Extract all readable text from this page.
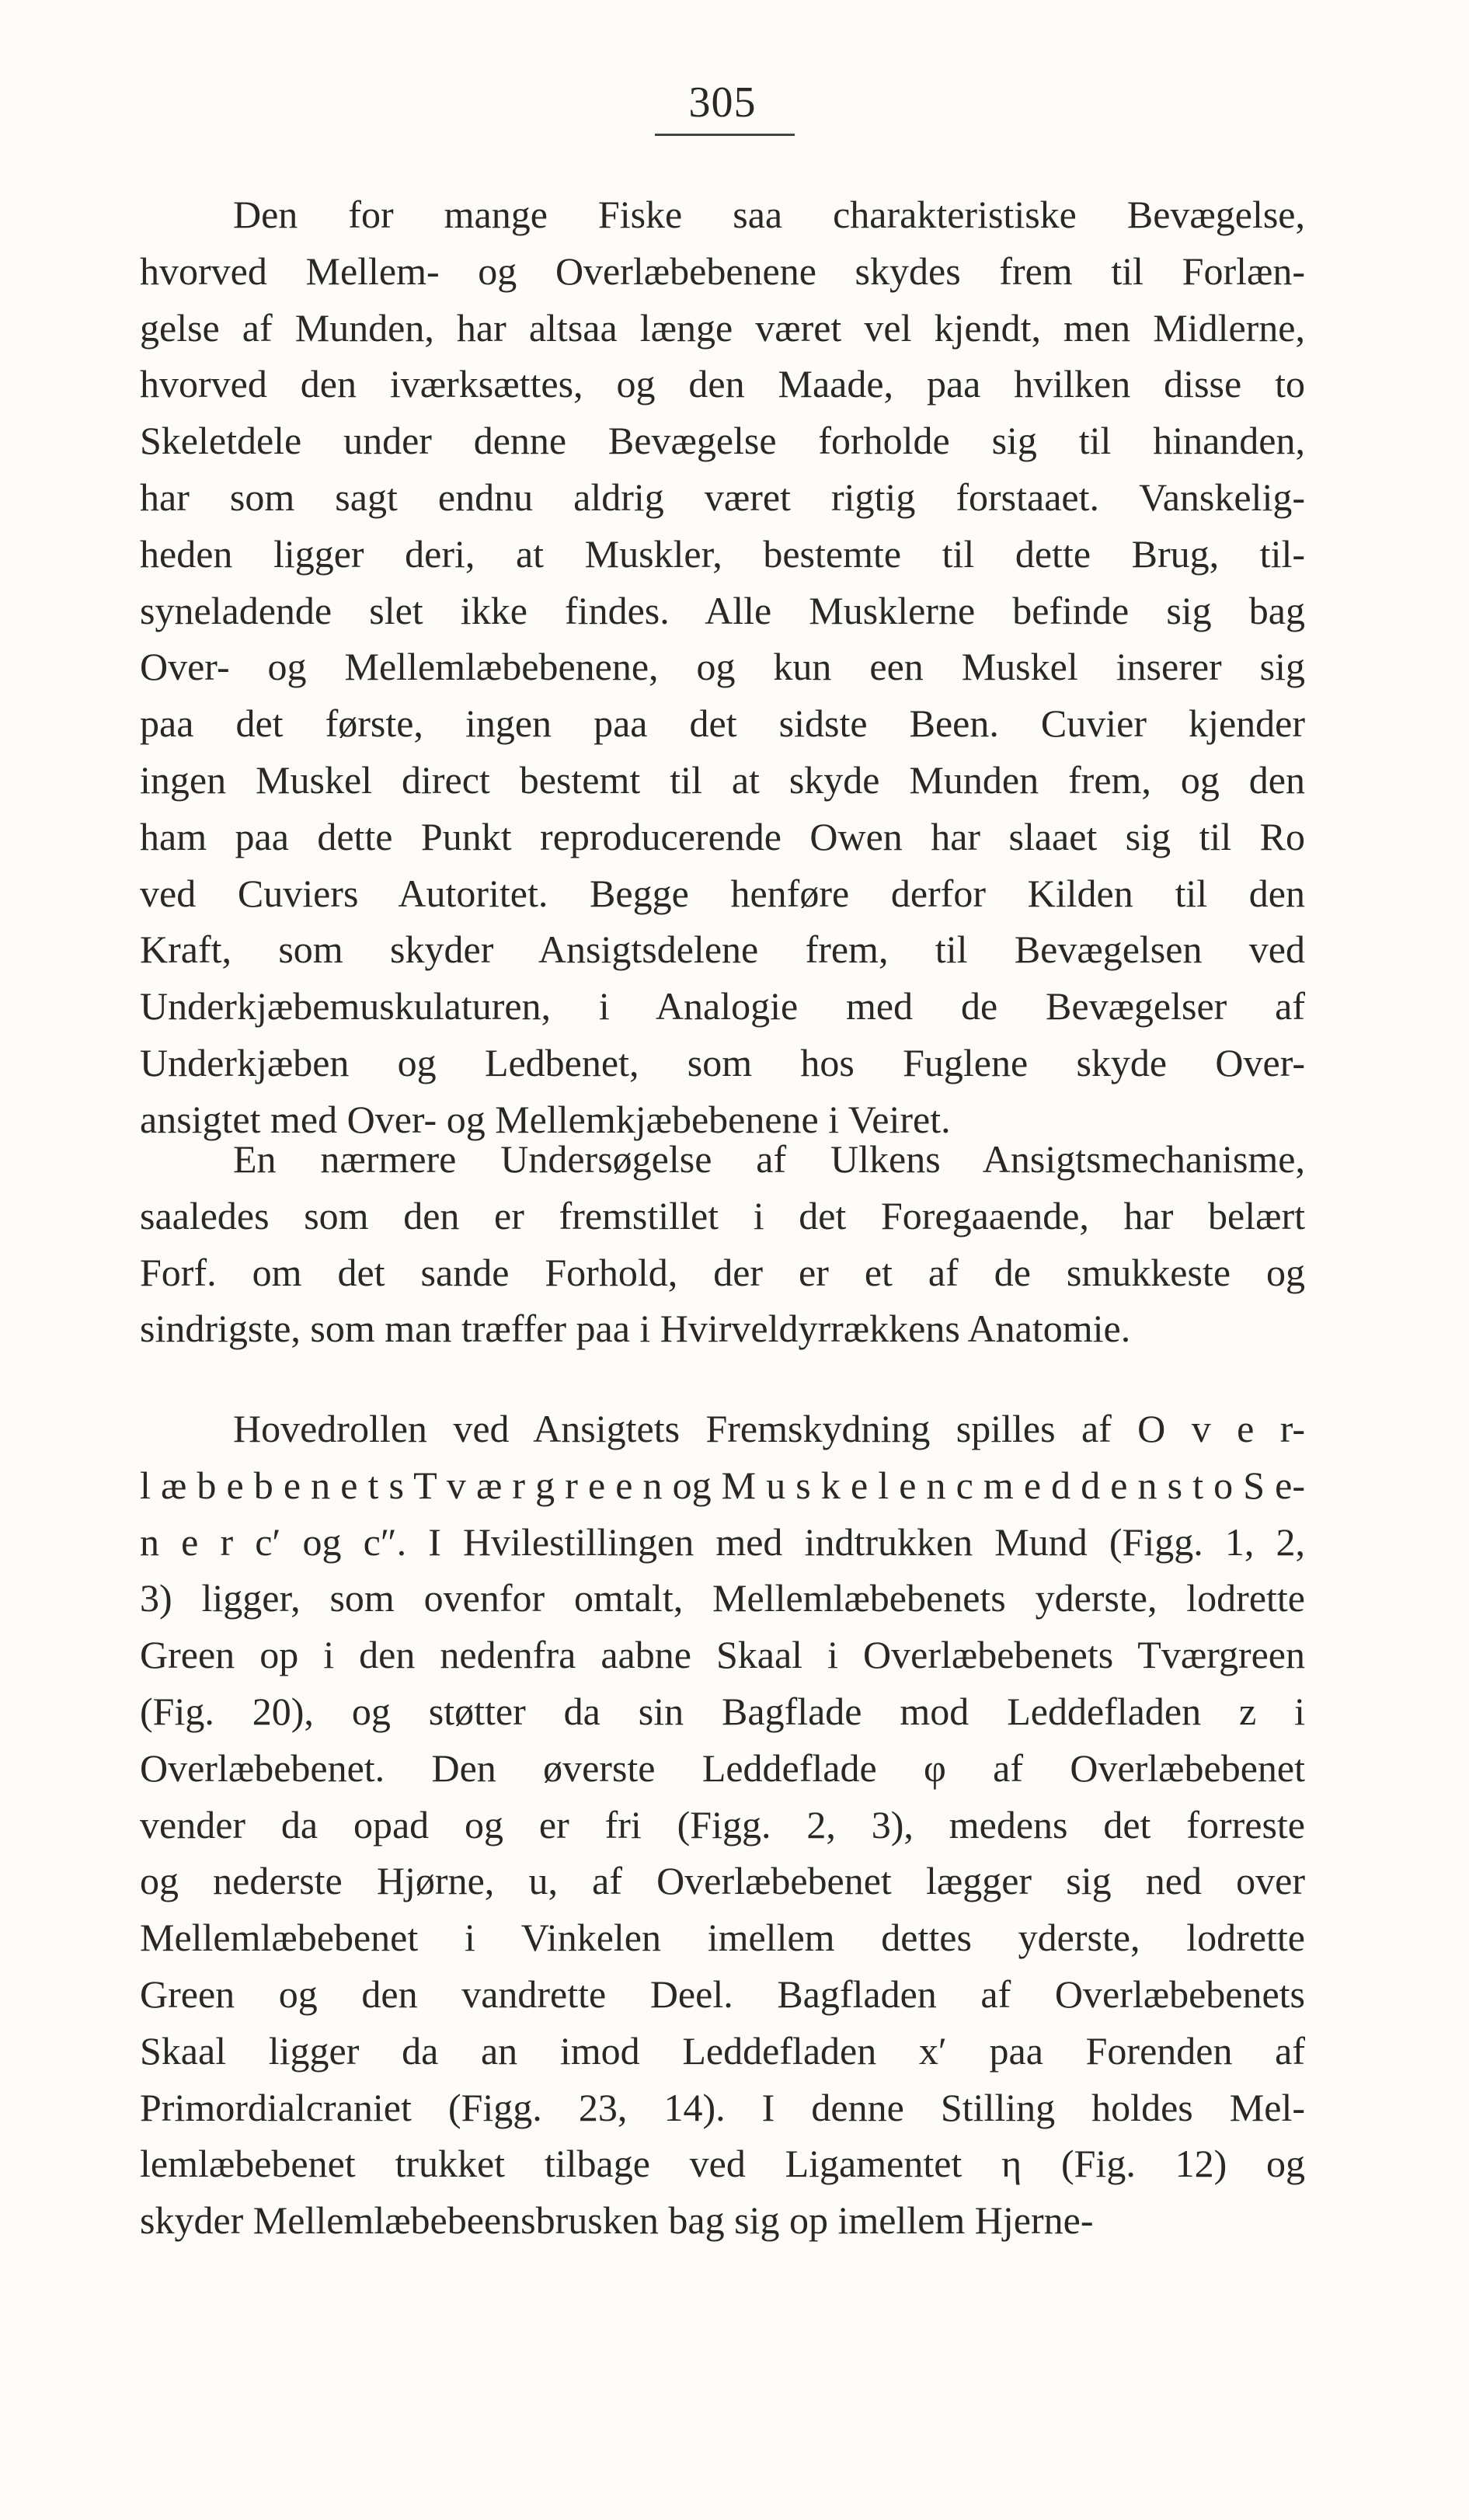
305
Den for mange Fiske saa charakteristiske Bevægelse,
hvorved Mellem- og Overlæbebenene skydes frem til Forlæn-
gelse af Munden, har altsaa længe været vel kjendt, men Midlerne,
hvorved den iværksættes, og den Maade, paa hvilken disse to
Skeletdele under denne Bevægelse forholde sig til hinanden,
har som sagt endnu aldrig været rigtig forstaaet. Vanskelig-
heden ligger deri, at Muskler, bestemte til dette Brug, til-
syneladende slet ikke findes. Alle Musklerne befinde sig bag
Over- og Mellemlæbebenene, og kun een Muskel inserer sig
paa det første, ingen paa det sidste Been. Cuvier kjender
ingen Muskel direct bestemt til at skyde Munden frem, og den
ham paa dette Punkt reproducerende Owen har slaaet sig til Ro
ved Cuviers Autoritet. Begge henføre derfor Kilden til den
Kraft, som skyder Ansigtsdelene frem, til Bevægelsen ved
Underkjæbemuskulaturen, i Analogie med de Bevægelser af
Underkjæben og Ledbenet, som hos Fuglene skyde Over-
ansigtet med Over- og Mellemkjæbebenene i Veiret.
En nærmere Undersøgelse af Ulkens Ansigtsmechanisme,
saaledes som den er fremstillet i det Foregaaende, har belært
Forf. om det sande Forhold, der er et af de smukkeste og
sindrigste, som man træffer paa i Hvirveldyrrækkens Anatomie.
Hovedrollen ved Ansigtets Fremskydning spilles af O v e r-
l æ b e b e n e t s T v æ r g r e e n og M u s k e l e n c m e d d e n s t o S e-
n e r c′ og c″. I Hvilestillingen med indtrukken Mund (Figg. 1, 2,
3) ligger, som ovenfor omtalt, Mellemlæbebenets yderste, lodrette
Green op i den nedenfra aabne Skaal i Overlæbebenets Tværgreen
(Fig. 20), og støtter da sin Bagflade mod Leddefladen z i
Overlæbebenet. Den øverste Leddeflade φ af Overlæbebenet
vender da opad og er fri (Figg. 2, 3), medens det forreste
og nederste Hjørne, u, af Overlæbebenet lægger sig ned over
Mellemlæbebenet i Vinkelen imellem dettes yderste, lodrette
Green og den vandrette Deel. Bagfladen af Overlæbebenets
Skaal ligger da an imod Leddefladen x′ paa Forenden af
Primordialcraniet (Figg. 23, 14). I denne Stilling holdes Mel-
lemlæbebenet trukket tilbage ved Ligamentet η (Fig. 12) og
skyder Mellemlæbebeensbrusken bag sig op imellem Hjerne-
